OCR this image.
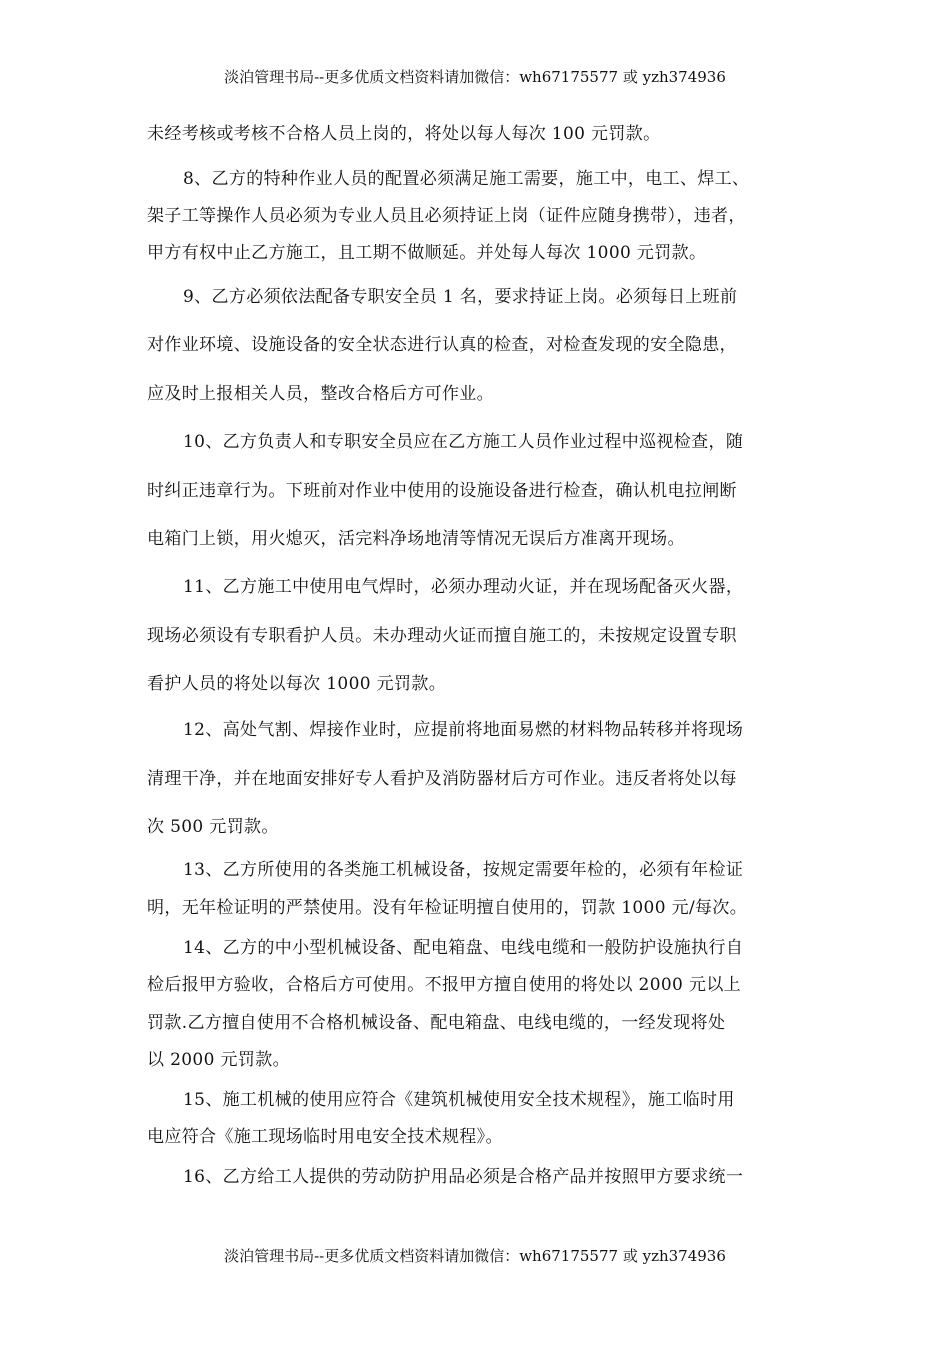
淡泊管理书局--更多优质文档资料请加微信：wh67175577 或 yzh374936
未经考核或考核不合格人员上岗的，将处以每人每次 100 元罚款。
8、乙方的特种作业人员的配置必须满足施工需要，施工中，电工、焊工、
架子工等操作人员必须为专业人员且必须持证上岗（证件应随身携带），违者，
甲方有权中止乙方施工，且工期不做顺延。并处每人每次 1000 元罚款。
9、乙方必须依法配备专职安全员 1 名，要求持证上岗。必须每日上班前
对作业环境、设施设备的安全状态进行认真的检查，对检查发现的安全隐患，
应及时上报相关人员，整改合格后方可作业。
10、乙方负责人和专职安全员应在乙方施工人员作业过程中巡视检查，随
时纠正违章行为。下班前对作业中使用的设施设备进行检查，确认机电拉闸断
电箱门上锁，用火熄灭，活完料净场地清等情况无误后方准离开现场。
11、乙方施工中使用电气焊时，必须办理动火证，并在现场配备灭火器，
现场必须设有专职看护人员。未办理动火证而擅自施工的，未按规定设置专职
看护人员的将处以每次 1000 元罚款。
12、高处气割、焊接作业时，应提前将地面易燃的材料物品转移并将现场
清理干净，并在地面安排好专人看护及消防器材后方可作业。违反者将处以每
次 500 元罚款。
13、乙方所使用的各类施工机械设备，按规定需要年检的，必须有年检证
明，无年检证明的严禁使用。没有年检证明擅自使用的，罚款 1000 元/每次。
14、乙方的中小型机械设备、配电箱盘、电线电缆和一般防护设施执行自
检后报甲方验收，合格后方可使用。不报甲方擅自使用的将处以 2000 元以上
罚款.乙方擅自使用不合格机械设备、配电箱盘、电线电缆的，一经发现将处
以 2000 元罚款。
15、施工机械的使用应符合《建筑机械使用安全技术规程》，施工临时用
电应符合《施工现场临时用电安全技术规程》。
16、乙方给工人提供的劳动防护用品必须是合格产品并按照甲方要求统一
淡泊管理书局--更多优质文档资料请加微信：wh67175577 或 yzh374936
